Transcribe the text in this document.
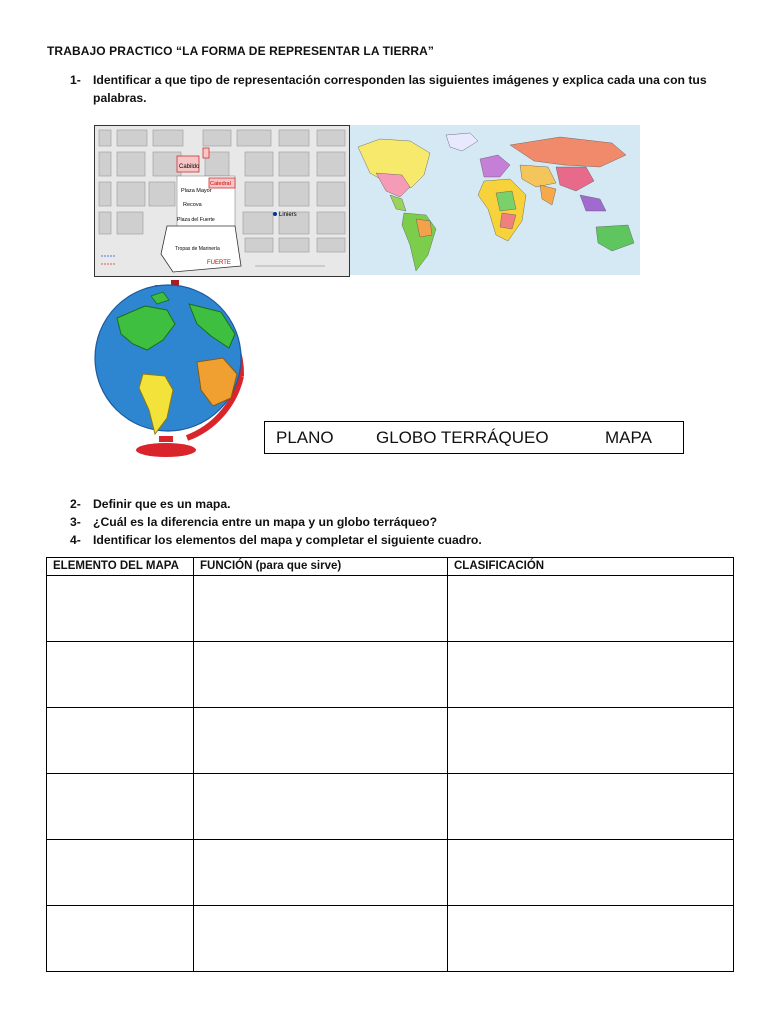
TRABAJO PRACTICO “LA FORMA DE REPRESENTAR LA TIERRA”
1- Identificar a que tipo de representación corresponden las siguientes imágenes y explica cada una con tus palabras.
Cabildo
Catedral
Plaza Mayor
Recova
Plaza del Fuerte
Liniers
Tropas de Marinería
FUERTE
PLANO GLOBO TERRÁQUEO	MAPA
2- Definir que es un mapa.
3- ¿Cuál es la diferencia entre un mapa y un globo terráqueo?
4- Identificar los elementos del mapa y completar el siguiente cuadro.
ELEMENTO DEL MAPA	FUNCIÓN (para que sirve)	CLASIFICACIÓN
